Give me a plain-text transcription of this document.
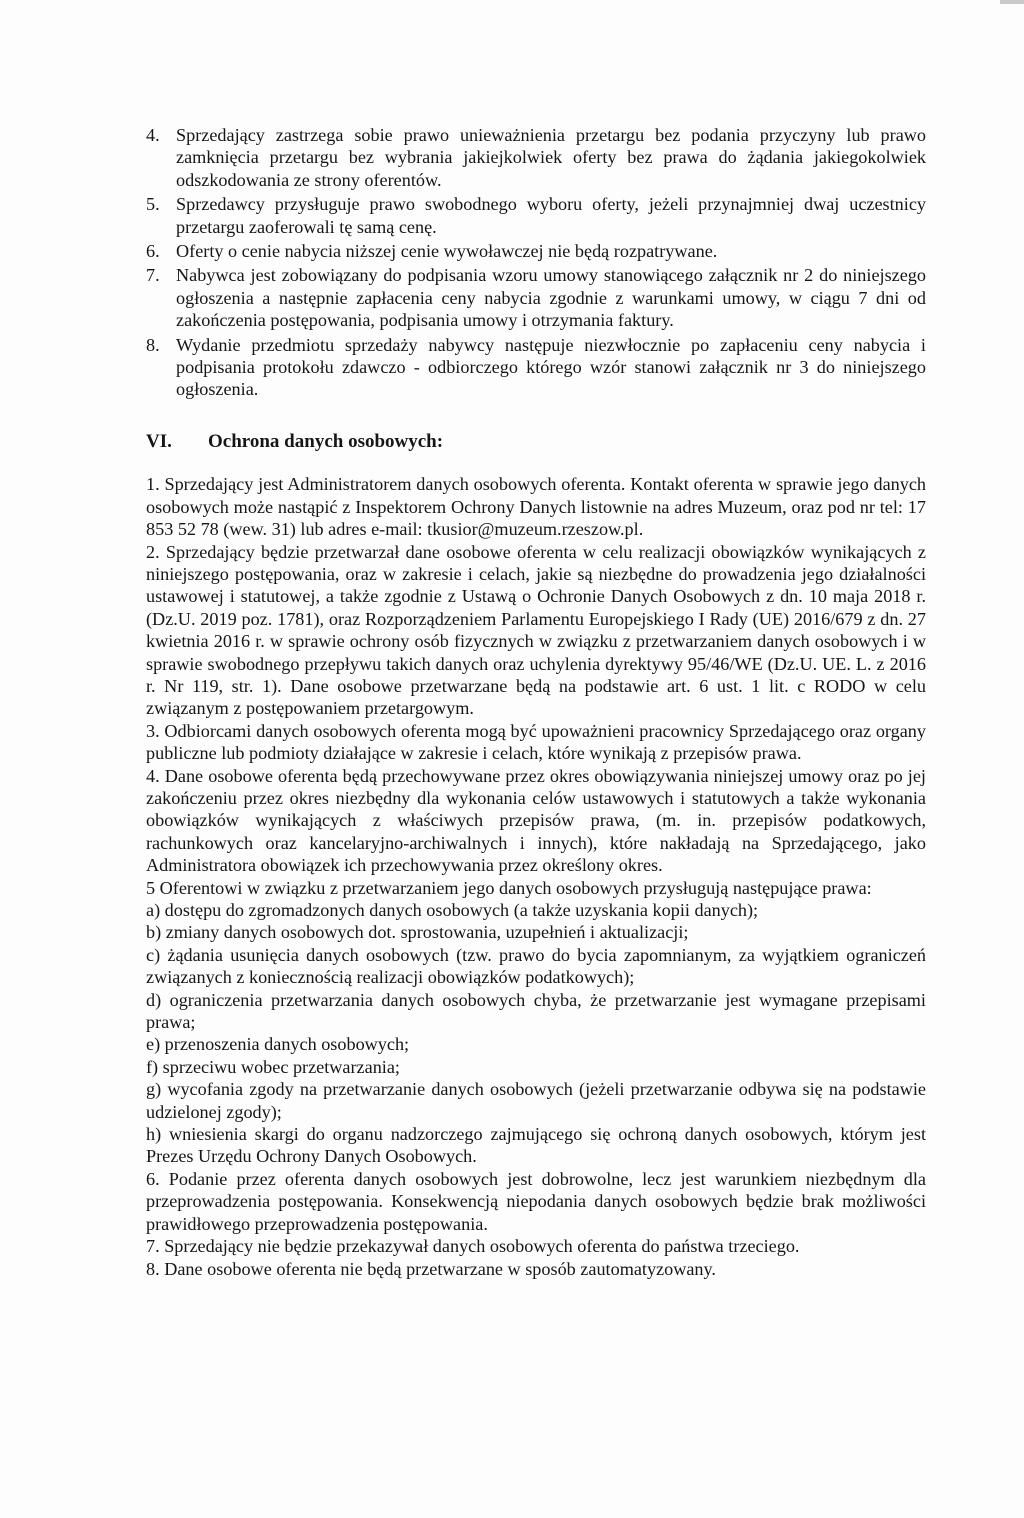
4. Sprzedający zastrzega sobie prawo unieważnienia przetargu bez podania przyczyny lub prawo zamknięcia przetargu bez wybrania jakiejkolwiek oferty bez prawa do żądania jakiegokolwiek odszkodowania ze strony oferentów.
5. Sprzedawcy przysługuje prawo swobodnego wyboru oferty, jeżeli przynajmniej dwaj uczestnicy przetargu zaoferowali tę samą cenę.
6. Oferty o cenie nabycia niższej cenie wywoławczej nie będą rozpatrywane.
7. Nabywca jest zobowiązany do podpisania wzoru umowy stanowiącego załącznik nr 2 do niniejszego ogłoszenia a następnie zapłacenia ceny nabycia zgodnie z warunkami umowy, w ciągu 7 dni od zakończenia postępowania, podpisania umowy i otrzymania faktury.
8. Wydanie przedmiotu sprzedaży nabywcy następuje niezwłocznie po zapłaceniu ceny nabycia i podpisania protokołu zdawczo - odbiorczego którego wzór stanowi załącznik nr 3 do niniejszego ogłoszenia.
VI.	Ochrona danych osobowych:

1. Sprzedający jest Administratorem danych osobowych oferenta. Kontakt oferenta w sprawie jego danych osobowych może nastąpić z Inspektorem Ochrony Danych listownie na adres Muzeum, oraz pod nr tel: 17 853 52 78 (wew. 31) lub adres e-mail: tkusior@muzeum.rzeszow.pl.

2. Sprzedający będzie przetwarzał dane osobowe oferenta w celu realizacji obowiązków wynikających z niniejszego postępowania, oraz w zakresie i celach, jakie są niezbędne do prowadzenia jego działalności ustawowej i statutowej, a także zgodnie z Ustawą o Ochronie Danych Osobowych z dn. 10 maja 2018 r. (Dz.U. 2019 poz. 1781), oraz Rozporządzeniem Parlamentu Europejskiego I Rady (UE) 2016/679 z dn. 27 kwietnia 2016 r. w sprawie ochrony osób fizycznych w związku z przetwarzaniem danych osobowych i w sprawie swobodnego przepływu takich danych oraz uchylenia dyrektywy 95/46/WE (Dz.U. UE. L. z 2016 r. Nr 119, str. 1). Dane osobowe przetwarzane będą na podstawie art. 6 ust. 1 lit. c RODO w celu związanym z postępowaniem przetargowym.

3. Odbiorcami danych osobowych oferenta mogą być upoważnieni pracownicy Sprzedającego oraz organy publiczne lub podmioty działające w zakresie i celach, które wynikają z przepisów prawa.

4. Dane osobowe oferenta będą przechowywane przez okres obowiązywania niniejszej umowy oraz po jej zakończeniu przez okres niezbędny dla wykonania celów ustawowych i statutowych a także wykonania obowiązków wynikających z właściwych przepisów prawa, (m. in. przepisów podatkowych, rachunkowych oraz kancelaryjno-archiwalnych i innych), które nakładają na Sprzedającego, jako Administratora obowiązek ich przechowywania przez określony okres.

5 Oferentowi w związku z przetwarzaniem jego danych osobowych przysługują następujące prawa:

a) dostępu do zgromadzonych danych osobowych (a także uzyskania kopii danych);

b) zmiany danych osobowych dot. sprostowania, uzupełnień i aktualizacji;

c) żądania usunięcia danych osobowych (tzw. prawo do bycia zapomnianym, za wyjątkiem ograniczeń związanych z koniecznością realizacji obowiązków podatkowych);

d) ograniczenia przetwarzania danych osobowych chyba, że przetwarzanie jest wymagane przepisami prawa;

e) przenoszenia danych osobowych;

f) sprzeciwu wobec przetwarzania;

g) wycofania zgody na przetwarzanie danych osobowych (jeżeli przetwarzanie odbywa się na podstawie udzielonej zgody);

h) wniesienia skargi do organu nadzorczego zajmującego się ochroną danych osobowych, którym jest Prezes Urzędu Ochrony Danych Osobowych.

6. Podanie przez oferenta danych osobowych jest dobrowolne, lecz jest warunkiem niezbędnym dla przeprowadzenia postępowania. Konsekwencją niepodania danych osobowych będzie brak możliwości prawidłowego przeprowadzenia postępowania.

7. Sprzedający nie będzie przekazywał danych osobowych oferenta do państwa trzeciego.

8. Dane osobowe oferenta nie będą przetwarzane w sposób zautomatyzowany.
